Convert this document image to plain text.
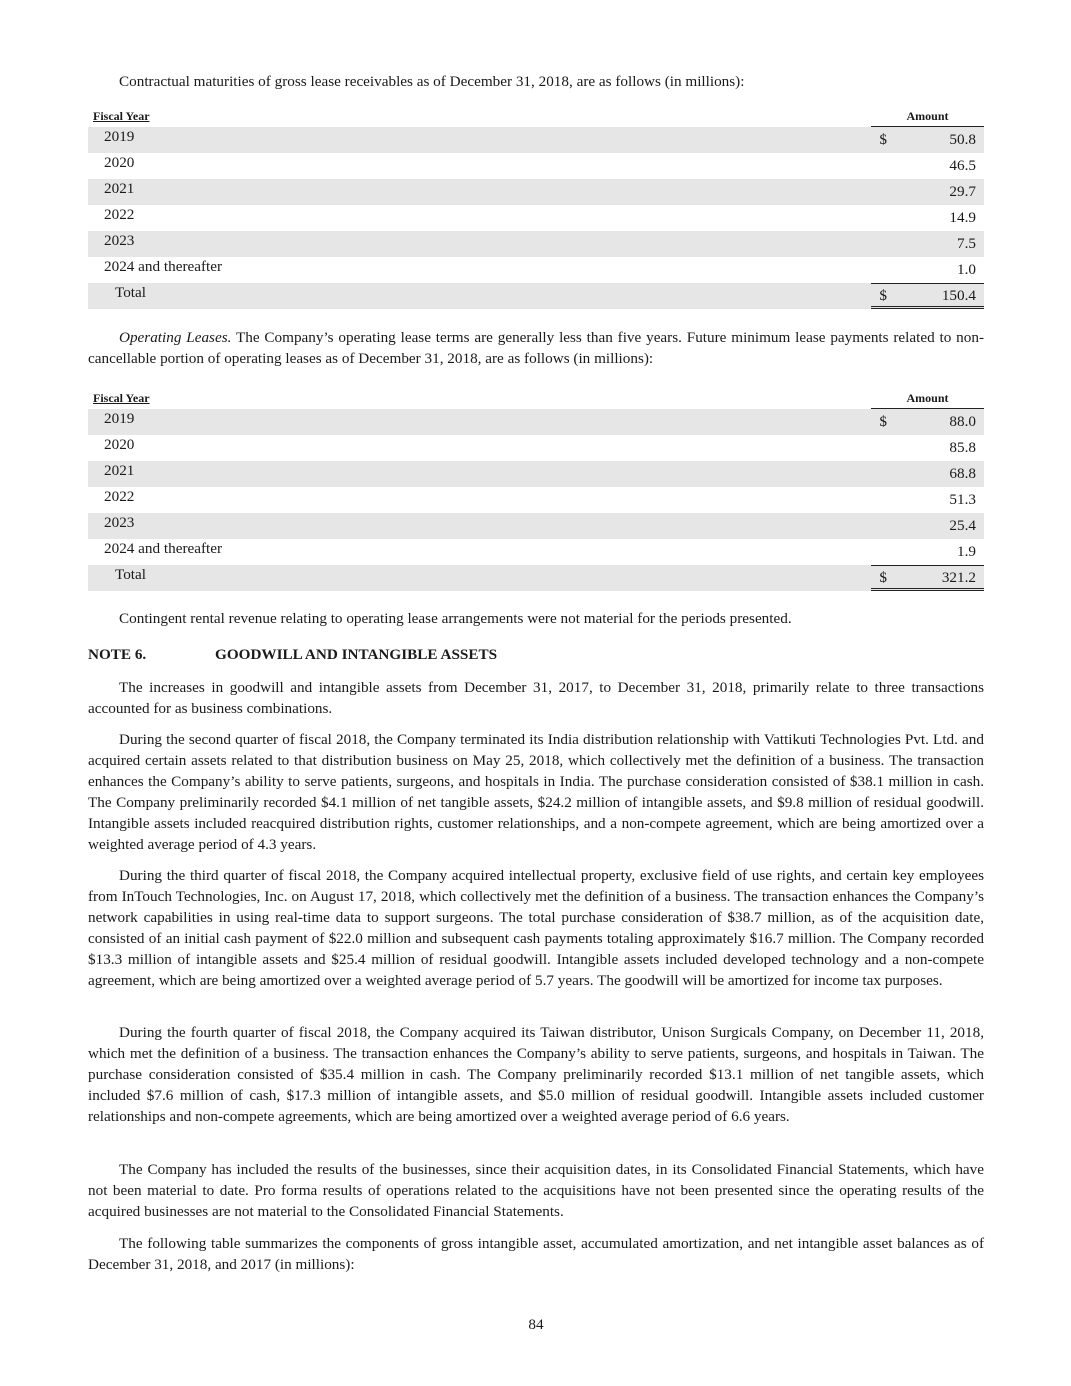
Contractual maturities of gross lease receivables as of December 31, 2018, are as follows (in millions):

Fiscal Year	Amount
2019	$	50.8
2020	46.5
2021	29.7
2022	14.9
2023	7.5
2024 and thereafter	1.0
Total	$	150.4

Operating Leases. The Company’s operating lease terms are generally less than five years. Future minimum lease payments related to non-cancellable portion of operating leases as of December 31, 2018, are as follows (in millions):

Fiscal Year	Amount
2019	$	88.0
2020	85.8
2021	68.8
2022	51.3
2023	25.4
2024 and thereafter	1.9
Total	$	321.2

Contingent rental revenue relating to operating lease arrangements were not material for the periods presented.

NOTE 6.	GOODWILL AND INTANGIBLE ASSETS

The increases in goodwill and intangible assets from December 31, 2017, to December 31, 2018, primarily relate to three transactions accounted for as business combinations.

During the second quarter of fiscal 2018, the Company terminated its India distribution relationship with Vattikuti Technologies Pvt. Ltd. and acquired certain assets related to that distribution business on May 25, 2018, which collectively met the definition of a business. The transaction enhances the Company’s ability to serve patients, surgeons, and hospitals in India. The purchase consideration consisted of $38.1 million in cash. The Company preliminarily recorded $4.1 million of net tangible assets, $24.2 million of intangible assets, and $9.8 million of residual goodwill. Intangible assets included reacquired distribution rights, customer relationships, and a non-compete agreement, which are being amortized over a weighted average period of 4.3 years.

During the third quarter of fiscal 2018, the Company acquired intellectual property, exclusive field of use rights, and certain key employees from InTouch Technologies, Inc. on August 17, 2018, which collectively met the definition of a business. The transaction enhances the Company’s network capabilities in using real-time data to support surgeons. The total purchase consideration of $38.7 million, as of the acquisition date, consisted of an initial cash payment of $22.0 million and subsequent cash payments totaling approximately $16.7 million. The Company recorded $13.3 million of intangible assets and $25.4 million of residual goodwill. Intangible assets included developed technology and a non-compete agreement, which are being amortized over a weighted average period of 5.7 years. The goodwill will be amortized for income tax purposes.

During the fourth quarter of fiscal 2018, the Company acquired its Taiwan distributor, Unison Surgicals Company, on December 11, 2018, which met the definition of a business. The transaction enhances the Company’s ability to serve patients, surgeons, and hospitals in Taiwan. The purchase consideration consisted of $35.4 million in cash. The Company preliminarily recorded $13.1 million of net tangible assets, which included $7.6 million of cash, $17.3 million of intangible assets, and $5.0 million of residual goodwill. Intangible assets included customer relationships and non-compete agreements, which are being amortized over a weighted average period of 6.6 years.

The Company has included the results of the businesses, since their acquisition dates, in its Consolidated Financial Statements, which have not been material to date. Pro forma results of operations related to the acquisitions have not been presented since the operating results of the acquired businesses are not material to the Consolidated Financial Statements.

The following table summarizes the components of gross intangible asset, accumulated amortization, and net intangible asset balances as of December 31, 2018, and 2017 (in millions):

84
